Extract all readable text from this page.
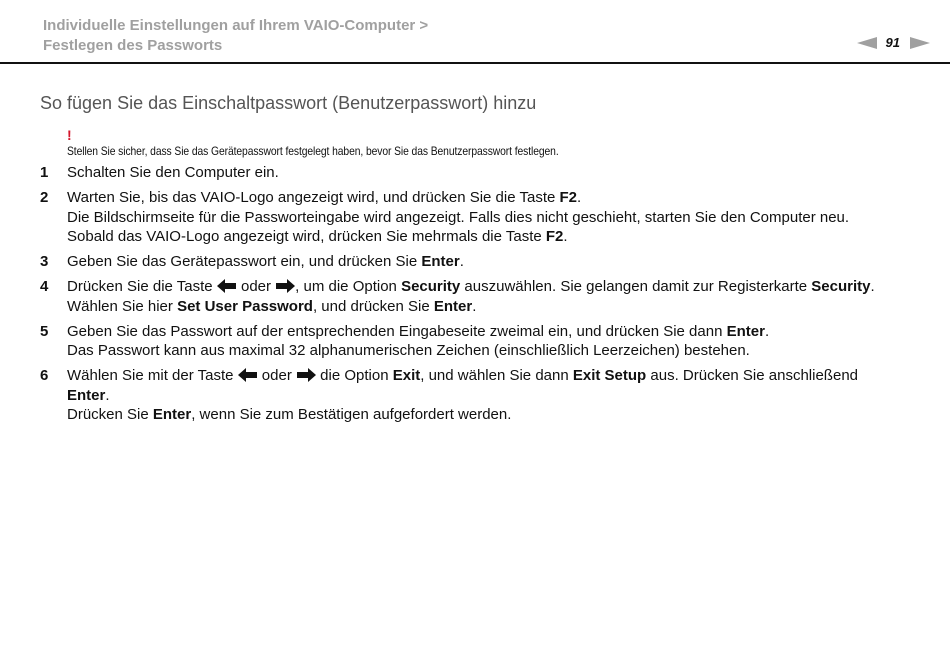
Individuelle Einstellungen auf Ihrem VAIO-Computer >
Festlegen des Passworts	91
So fügen Sie das Einschaltpasswort (Benutzerpasswort) hinzu
!
Stellen Sie sicher, dass Sie das Gerätepasswort festgelegt haben, bevor Sie das Benutzerpasswort festlegen.
1 Schalten Sie den Computer ein.
2 Warten Sie, bis das VAIO-Logo angezeigt wird, und drücken Sie die Taste F2.
Die Bildschirmseite für die Passworteingabe wird angezeigt. Falls dies nicht geschieht, starten Sie den Computer neu.
Sobald das VAIO-Logo angezeigt wird, drücken Sie mehrmals die Taste F2.
3 Geben Sie das Gerätepasswort ein, und drücken Sie Enter.
4 Drücken Sie die Taste  oder , um die Option Security auszuwählen. Sie gelangen damit zur Registerkarte Security.
Wählen Sie hier Set User Password, und drücken Sie Enter.
5 Geben Sie das Passwort auf der entsprechenden Eingabeseite zweimal ein, und drücken Sie dann Enter.
Das Passwort kann aus maximal 32 alphanumerischen Zeichen (einschließlich Leerzeichen) bestehen.
6 Wählen Sie mit der Taste  oder  die Option Exit, und wählen Sie dann Exit Setup aus. Drücken Sie anschließend
Enter.
Drücken Sie Enter, wenn Sie zum Bestätigen aufgefordert werden.
